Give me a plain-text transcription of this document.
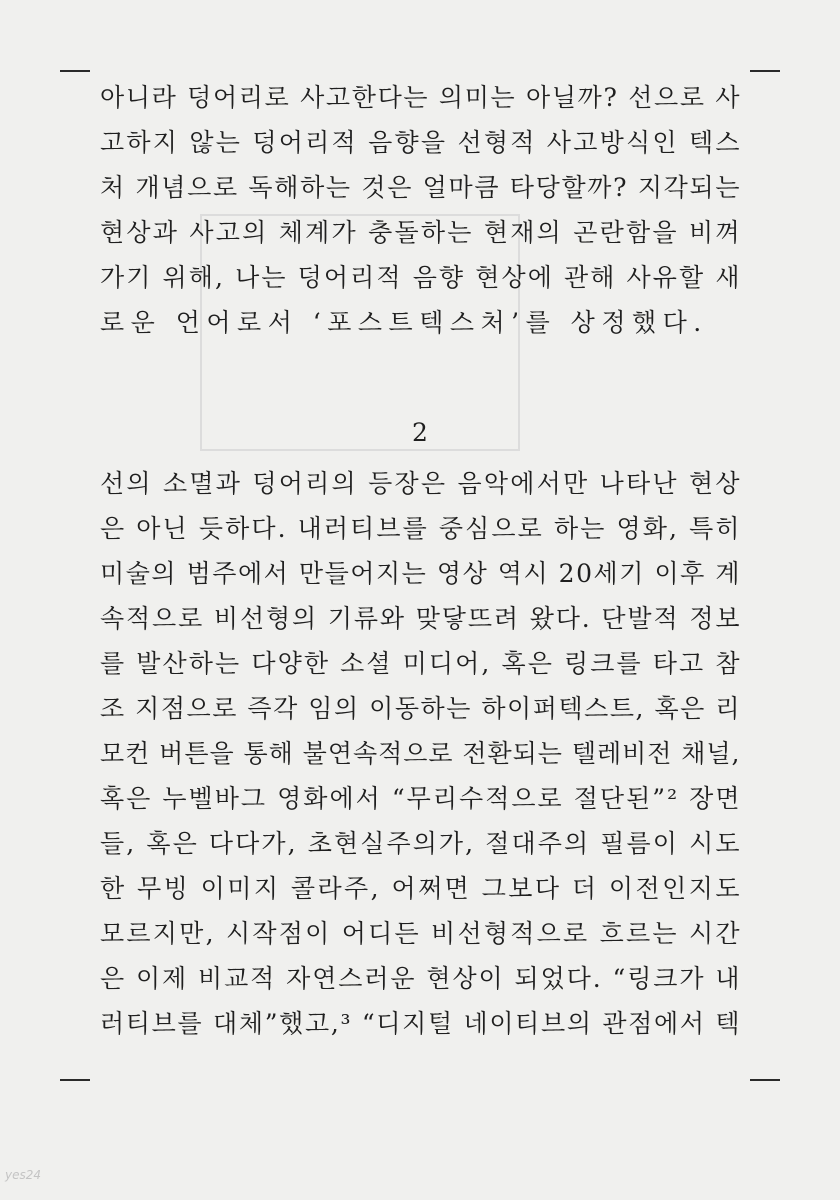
아니라 덩어리로 사고한다는 의미는 아닐까? 선으로 사
고하지 않는 덩어리적 음향을 선형적 사고방식인 텍스
처 개념으로 독해하는 것은 얼마큼 타당할까? 지각되는
현상과 사고의 체계가 충돌하는 현재의 곤란함을 비껴
가기 위해, 나는 덩어리적 음향 현상에 관해 사유할 새
로운 언어로서 ‘포스트텍스처’를 상정했다.
2
선의 소멸과 덩어리의 등장은 음악에서만 나타난 현상
은 아닌 듯하다. 내러티브를 중심으로 하는 영화, 특히
미술의 범주에서 만들어지는 영상 역시 20세기 이후 계
속적으로 비선형의 기류와 맞닿뜨려 왔다. 단발적 정보
를 발산하는 다양한 소셜 미디어, 혹은 링크를 타고 참
조 지점으로 즉각 임의 이동하는 하이퍼텍스트, 혹은 리
모컨 버튼을 통해 불연속적으로 전환되는 텔레비전 채널,
혹은 누벨바그 영화에서 “무리수적으로 절단된”² 장면
들, 혹은 다다가, 초현실주의가, 절대주의 필름이 시도
한 무빙 이미지 콜라주, 어쩌면 그보다 더 이전인지도
모르지만, 시작점이 어디든 비선형적으로 흐르는 시간
은 이제 비교적 자연스러운 현상이 되었다. “링크가 내
러티브를 대체”했고,³ “디지털 네이티브의 관점에서 텍
yes24
